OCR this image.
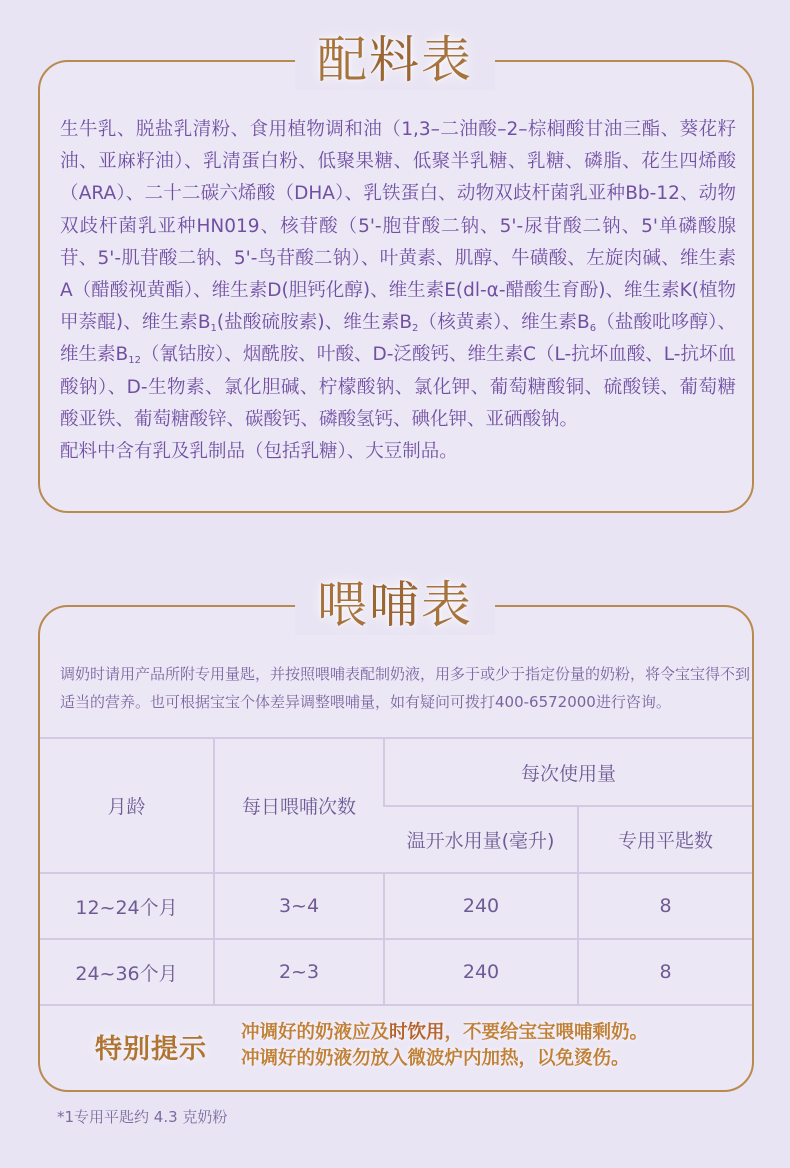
配料表

生牛乳、脱盐乳清粉、食用植物调和油（1,3–二油酸–2–棕榈酸甘油三酯、葵花籽油、亚麻籽油）、乳清蛋白粉、低聚果糖、低聚半乳糖、乳糖、磷脂、花生四烯酸（ARA）、二十二碳六烯酸（DHA）、乳铁蛋白、动物双歧杆菌乳亚种Bb-12、动物双歧杆菌乳亚种HN019、核苷酸（5'-胞苷酸二钠、5'-尿苷酸二钠、5'单磷酸腺苷、5'-肌苷酸二钠、5'-鸟苷酸二钠）、叶黄素、肌醇、牛磺酸、左旋肉碱、维生素A（醋酸视黄酯）、维生素D(胆钙化醇)、维生素E(dl-α-醋酸生育酚)、维生素K(植物甲萘醌)、维生素$B_1$(盐酸硫胺素)、维生素$B_2$（核黄素）、维生素$B_6$（盐酸吡哆醇）、维生素$B_{12}$（氰钴胺）、烟酰胺、叶酸、D-泛酸钙、维生素C（L-抗坏血酸、L-抗坏血酸钠）、D-生物素、氯化胆碱、柠檬酸钠、氯化钾、葡萄糖酸铜、硫酸镁、葡萄糖酸亚铁、葡萄糖酸锌、碳酸钙、磷酸氢钙、碘化钾、亚硒酸钠。

配料中含有乳及乳制品（包括乳糖）、大豆制品。

喂哺表

调奶时请用产品所附专用量匙，并按照喂哺表配制奶液，用多于或少于指定份量的奶粉，将令宝宝得不到适当的营养。也可根据宝宝个体差异调整喂哺量，如有疑问可拨打400-6572000进行咨询。

月龄	每日喂哺次数	每次使用量	
		温开水用量(毫升)	专用平匙数
12~24个月	3~4	240	8
24~36个月	2~3	240	8
特别提示
冲调好的奶液应及时饮用，不要给宝宝喂哺剩奶。
冲调好的奶液勿放入微波炉内加热，以免烫伤。

*1专用平匙约 4.3 克奶粉
